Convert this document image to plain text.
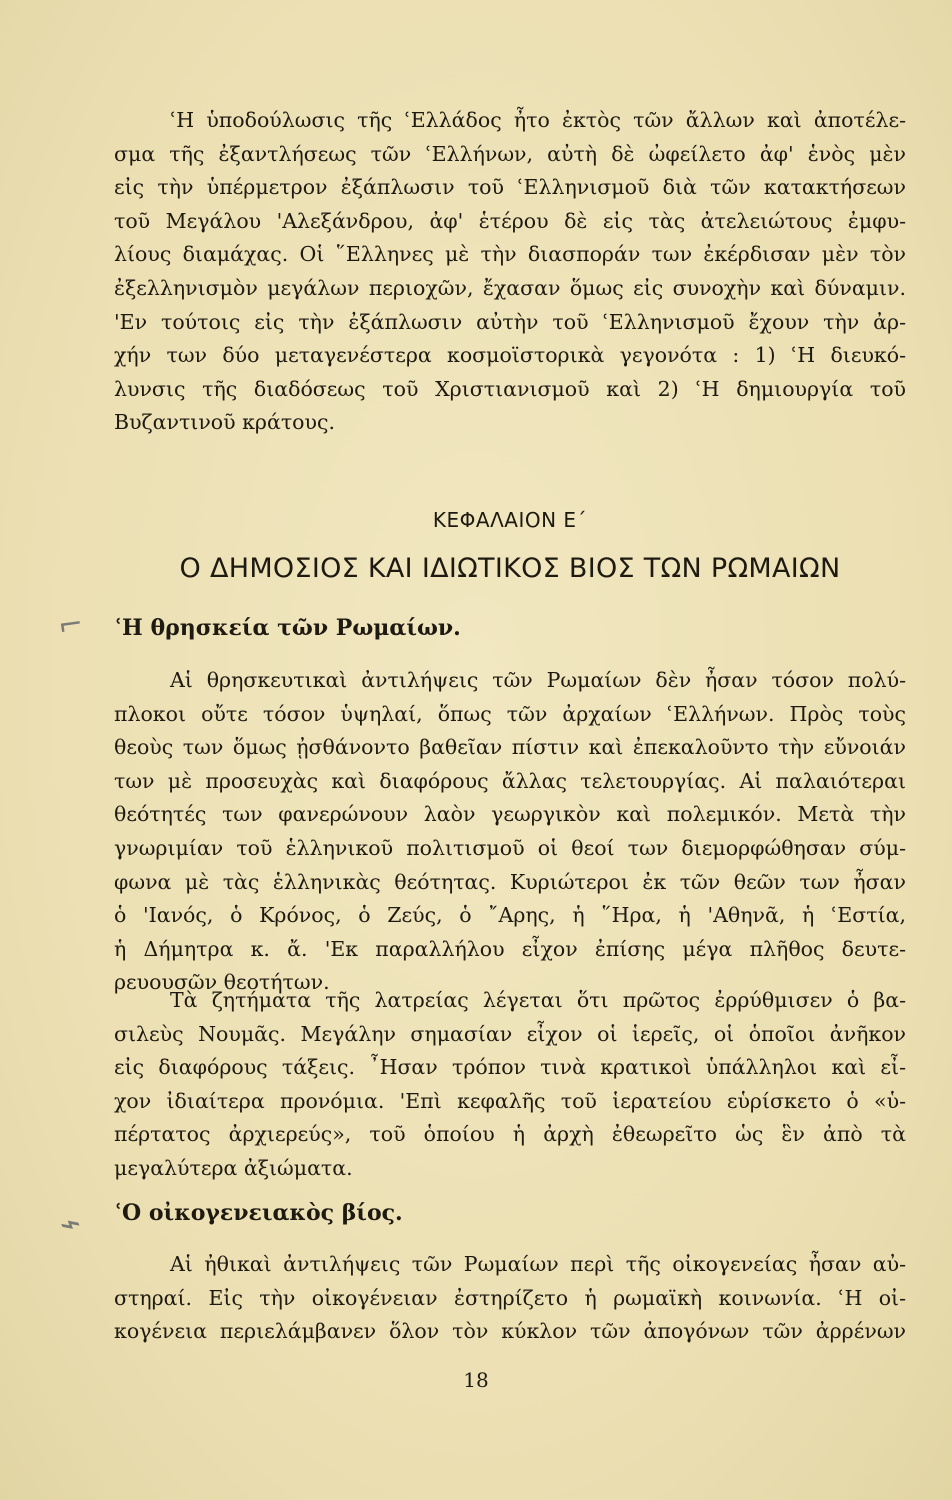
ʿΗ ὑποδούλωσις τῆς ʿΕλλάδος ἦτο ἐκτὸς τῶν ἄλλων καὶ ἀποτέλε-
σμα τῆς ἐξαντλήσεως τῶν ʿΕλλήνων, αὐτὴ δὲ ὠφείλετο ἀφ' ἑνὸς μὲν
εἰς τὴν ὑπέρμετρον ἐξάπλωσιν τοῦ ʿΕλληνισμοῦ διὰ τῶν κατακτήσεων
τοῦ Μεγάλου 'Αλεξάνδρου, ἀφ' ἑτέρου δὲ εἰς τὰς ἀτελειώτους ἐμφυ-
λίους διαμάχας. Οἱ ῞Ελληνες μὲ τὴν διασποράν των ἐκέρδισαν μὲν τὸν
ἐξελληνισμὸν μεγάλων περιοχῶν, ἔχασαν ὅμως εἰς συνοχὴν καὶ δύναμιν.
'Εν τούτοις εἰς τὴν ἐξάπλωσιν αὐτὴν τοῦ ʿΕλληνισμοῦ ἔχουν τὴν ἀρ-
χήν των δύο μεταγενέστερα κοσμοϊστορικὰ γεγονότα : 1) ʿΗ διευκό-
λυνσις τῆς διαδόσεως τοῦ Χριστιανισμοῦ καὶ 2) ʿΗ δημιουργία τοῦ
Βυζαντινοῦ κράτους.
ΚΕΦΑΛΑΙΟΝ Ε΄
Ο ΔΗΜΟΣΙΟΣ ΚΑΙ ΙΔΙΩΤΙΚΟΣ ΒΙΟΣ ΤΩΝ ΡΩΜΑΙΩΝ
⌐ ʿΗ θρησκεία τῶν Ρωμαίων.
Αἱ θρησκευτικαὶ ἀντιλήψεις τῶν Ρωμαίων δὲν ἦσαν τόσον πολύ-
πλοκοι οὔτε τόσον ὑψηλαί, ὅπως τῶν ἀρχαίων ʿΕλλήνων. Πρὸς τοὺς
θεοὺς των ὅμως ᾐσθάνοντο βαθεῖαν πίστιν καὶ ἐπεκαλοῦντο τὴν εὔνοιάν
των μὲ προσευχὰς καὶ διαφόρους ἄλλας τελετουργίας. Αἱ παλαιότεραι
θεότητές των φανερώνουν λαὸν γεωργικὸν καὶ πολεμικόν. Μετὰ τὴν
γνωριμίαν τοῦ ἑλληνικοῦ πολιτισμοῦ οἱ θεοί των διεμορφώθησαν σύμ-
φωνα μὲ τὰς ἑλληνικὰς θεότητας. Κυριώτεροι ἐκ τῶν θεῶν των ἦσαν
ὁ 'Ιανός, ὁ Κρόνος, ὁ Ζεύς, ὁ ῎Αρης, ἡ ῞Ηρα, ἡ 'Αθηνᾶ, ἡ ʿΕστία,
ἡ Δήμητρα κ. ἄ. 'Εκ παραλλήλου εἶχον ἐπίσης μέγα πλῆθος δευτε-
ρευουσῶν θεοτήτων.
Τὰ ζητήματα τῆς λατρείας λέγεται ὅτι πρῶτος ἐρρύθμισεν ὁ βα-
σιλεὺς Νουμᾶς. Μεγάλην σημασίαν εἶχον οἱ ἱερεῖς, οἱ ὁποῖοι ἀνῆκον
εἰς διαφόρους τάξεις. ῏Ησαν τρόπον τινὰ κρατικοὶ ὑπάλληλοι καὶ εἶ-
χον ἰδιαίτερα προνόμια. 'Επὶ κεφαλῆς τοῦ ἱερατείου εὑρίσκετο ὁ «ὑ-
πέρτατος ἀρχιερεύς», τοῦ ὁποίου ἡ ἀρχὴ ἐθεωρεῖτο ὡς ἓν ἀπὸ τὰ
μεγαλύτερα ἀξιώματα.
⌁ ʿΟ οἰκογενειακὸς βίος.
Αἱ ἠθικαὶ ἀντιλήψεις τῶν Ρωμαίων περὶ τῆς οἰκογενείας ἦσαν αὐ-
στηραί. Εἰς τὴν οἰκογένειαν ἐστηρίζετο ἡ ρωμαϊκὴ κοινωνία. ʿΗ οἰ-
κογένεια περιελάμβανεν ὅλον τὸν κύκλον τῶν ἀπογόνων τῶν ἀρρένων
18
